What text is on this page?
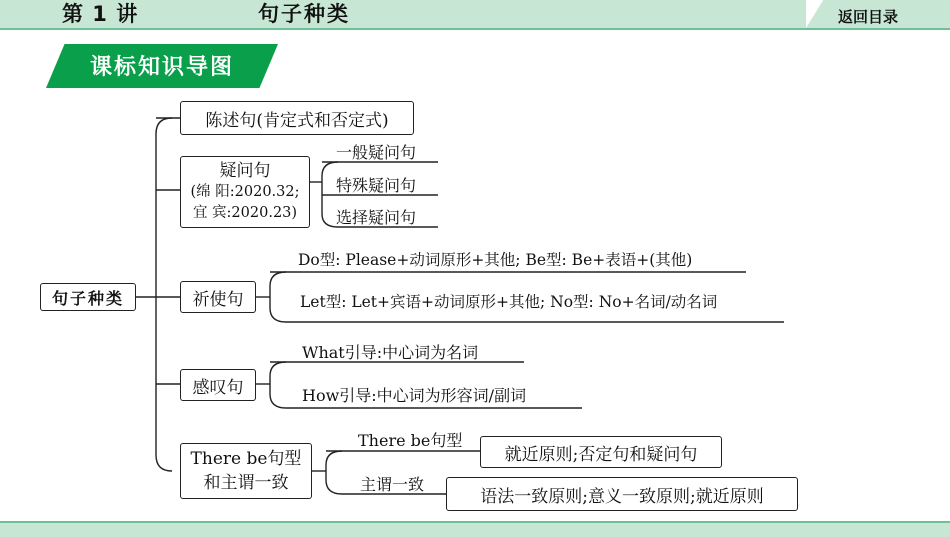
第 1 讲	句子种类	返回目录
课标知识导图
句子种类
陈述句(肯定式和否定式)
疑问句
(绵 阳:2020.32;
宜 宾:2020.23)
一般疑问句
特殊疑问句
选择疑问句
祈使句
Do型: Please+动词原形+其他; Be型: Be+表语+(其他)
Let型: Let+宾语+动词原形+其他; No型: No+名词/动名词
感叹句
What引导:中心词为名词
How引导:中心词为形容词/副词
There be句型
和主谓一致
There be句型
就近原则;否定句和疑问句
主谓一致
语法一致原则;意义一致原则;就近原则
